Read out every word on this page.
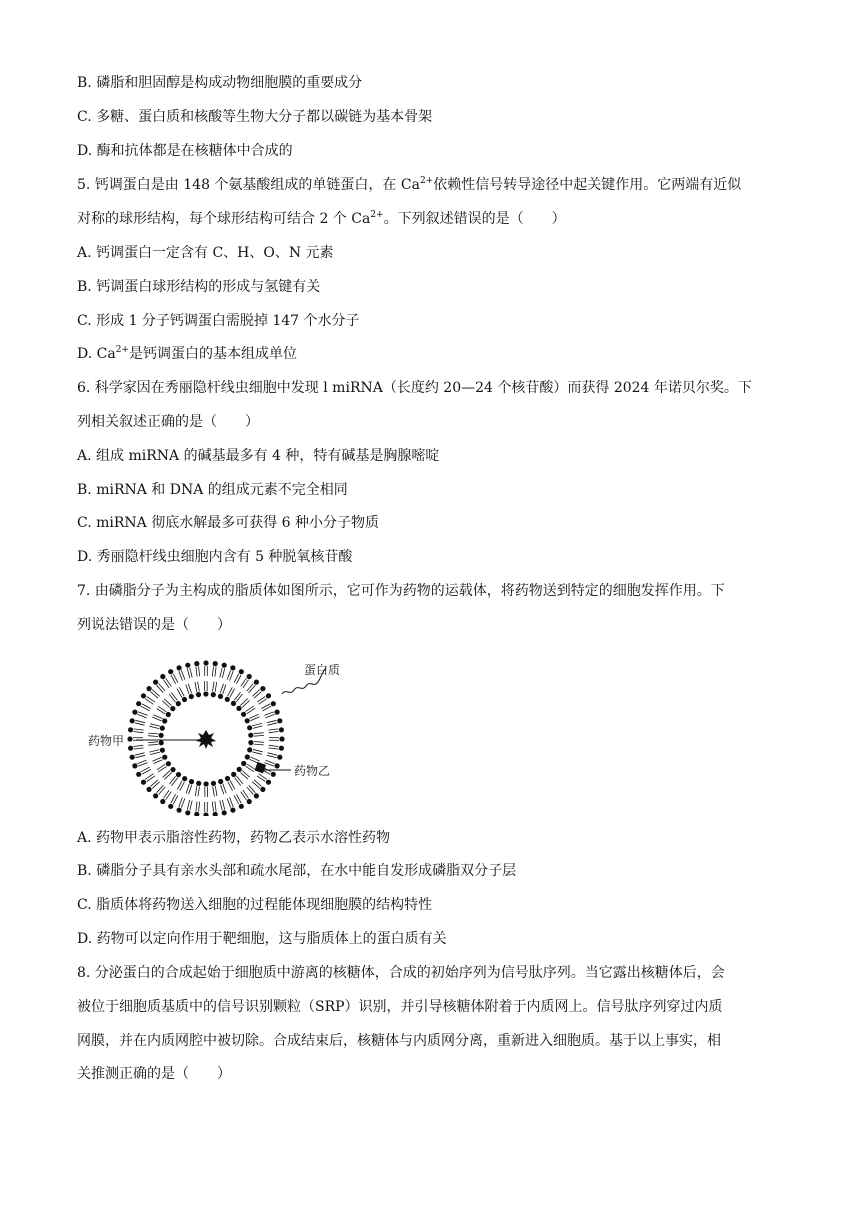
B. 磷脂和胆固醇是构成动物细胞膜的重要成分
C. 多糖、蛋白质和核酸等生物大分子都以碳链为基本骨架
D. 酶和抗体都是在核糖体中合成的
5. 钙调蛋白是由 148 个氨基酸组成的单链蛋白，在 $Ca^{2+}$依赖性信号转导途径中起关键作用。它两端有近似
对称的球形结构，每个球形结构可结合 2 个 $Ca^{2+}$。下列叙述错误的是（　　）
A. 钙调蛋白一定含有 C、H、O、N 元素
B. 钙调蛋白球形结构的形成与氢键有关
C. 形成 1 分子钙调蛋白需脱掉 147 个水分子
D. $Ca^{2+}$是钙调蛋白的基本组成单位
6. 科学家因在秀丽隐杆线虫细胞中发现 l miRNA（长度约 20—24 个核苷酸）而获得 2024 年诺贝尔奖。下
列相关叙述正确的是（　　）
A. 组成 miRNA 的碱基最多有 4 种，特有碱基是胸腺嘧啶
B. miRNA 和 DNA 的组成元素不完全相同
C. miRNA 彻底水解最多可获得 6 种小分子物质
D. 秀丽隐杆线虫细胞内含有 5 种脱氧核苷酸
7. 由磷脂分子为主构成的脂质体如图所示，它可作为药物的运载体，将药物送到特定的细胞发挥作用。下
列说法错误的是（　　）
蛋白质
药物甲
药物乙
A. 药物甲表示脂溶性药物，药物乙表示水溶性药物
B. 磷脂分子具有亲水头部和疏水尾部，在水中能自发形成磷脂双分子层
C. 脂质体将药物送入细胞的过程能体现细胞膜的结构特性
D. 药物可以定向作用于靶细胞，这与脂质体上的蛋白质有关
8. 分泌蛋白的合成起始于细胞质中游离的核糖体，合成的初始序列为信号肽序列。当它露出核糖体后，会
被位于细胞质基质中的信号识别颗粒（SRP）识别，并引导核糖体附着于内质网上。信号肽序列穿过内质
网膜，并在内质网腔中被切除。合成结束后，核糖体与内质网分离，重新进入细胞质。基于以上事实，相
关推测正确的是（　　）
